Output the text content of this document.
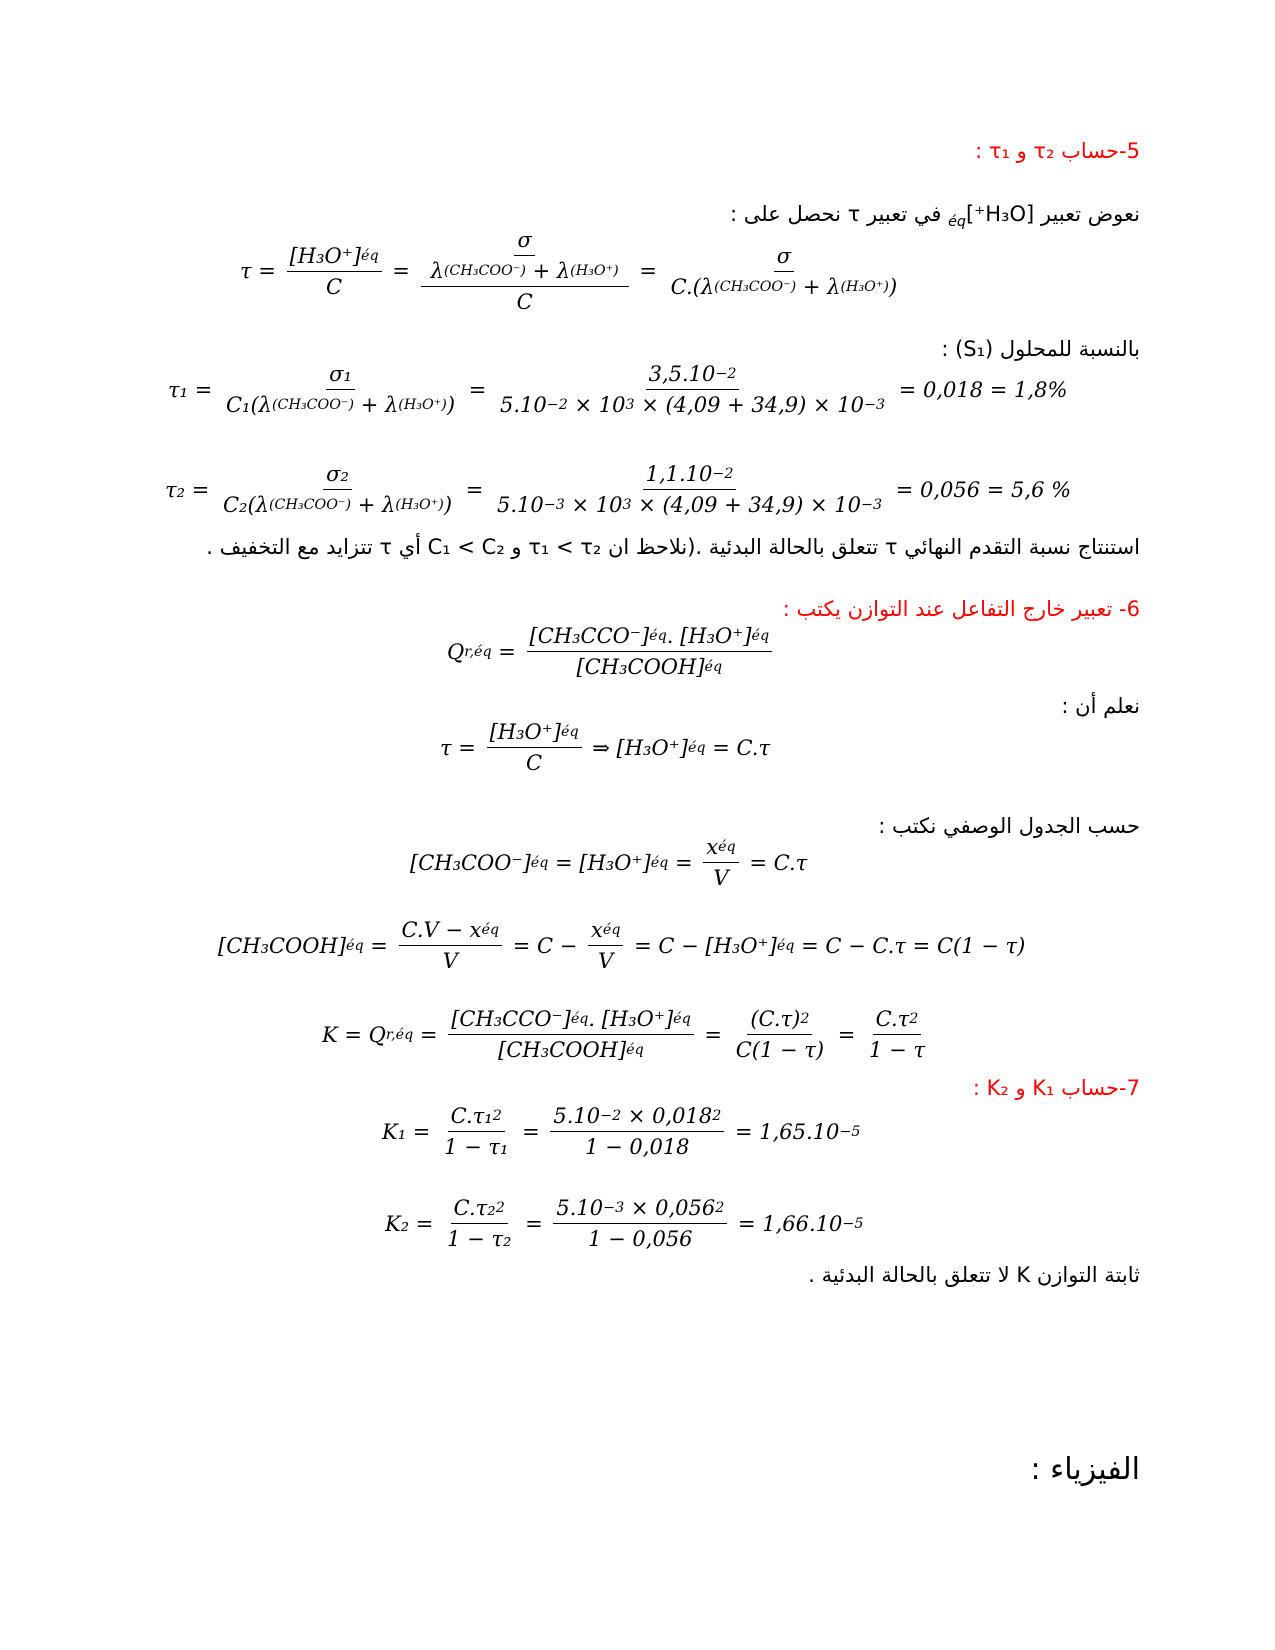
5-حساب τ₂ و τ₁ :
نعوض تعبير $[H_3O^+]_{éq}$ في تعبير τ نحصل على :
$\tau = \frac{\text{[H₃O⁺] éq}}{C} = \frac{\frac{\sigma}{\text{λ (CH₃COO⁻) + λ (H₃O⁺)}}}{C} = \frac{\sigma}{\text{C.(λ (CH₃COO⁻) + λ (H₃O⁺) )}}$
بالنسبة للمحلول (S₁) :
$\tau_1 = \frac{\text{σ₁}}{\text{C₁(λ (CH₃COO⁻) + λ (H₃O⁺) )}} = \frac{3,5.10 -2}{5.10 -2 \times 10 3 \times (4,09 + 34,9) \times 10 -3} = 0,018 = 1,8\%$
$\tau_2 = \frac{\text{σ₂}}{\text{C₂(λ (CH₃COO⁻) + λ (H₃O⁺) )}} = \frac{1,1.10 -2}{5.10 -3 \times 10 3 \times (4,09 + 34,9) \times 10 -3} = 0,056 = 5,6$ %
استنتاج نسبة التقدم النهائي τ تتعلق بالحالة البدئية .(نلاحظ ان τ₁ < τ₂ و C₁ < C₂ أي τ تتزايد مع التخفيف .
6- تعبير خارج التفاعل عند التوازن يكتب :
Q r,éq = $\frac{\text{[CH₃CCO⁻] éq . [H₃O⁺] éq}}{\text{[CH₃COOH] éq}}$
نعلم أن :
$\tau = \frac{\text{[H₃O⁺] éq}}{C}$ ⇒ [H₃O⁺] éq = C.τ
حسب الجدول الوصفي نكتب :
[CH₃COO⁻] éq = [H₃O⁺] éq = $\frac{\text{x éq}}{V} = C.\tau$
[CH₃COOH] éq = $\frac{\text{C.V − x éq}}{V} = C - \frac{\text{x éq}}{V} = C - [H_3O^+]$ éq = C − C.τ = C(1 − τ)
K = Q r,éq = $\frac{\text{[CH₃CCO⁻] éq . [H₃O⁺] éq}}{\text{[CH₃COOH] éq}} = \frac{(C.\tau) 2}{C(1 - \tau)} = \frac{C.\tau 2}{1 - \tau}$
7-حساب K₁ و K₂ :
$K_1 = \frac{\text{C.τ₁ 2}}{\text{1 − τ₁}} = \frac{5.10 -2 \times 0,018 2}{1 - 0,018} = 1,65.10 -5$
$K_2 = \frac{\text{C.τ₂ 2}}{\text{1 − τ₂}} = \frac{5.10 -3 \times 0,056 2}{1 - 0,056} = 1,66.10 -5$
ثابتة التوازن K لا تتعلق بالحالة البدئية .
الفيزياء :
